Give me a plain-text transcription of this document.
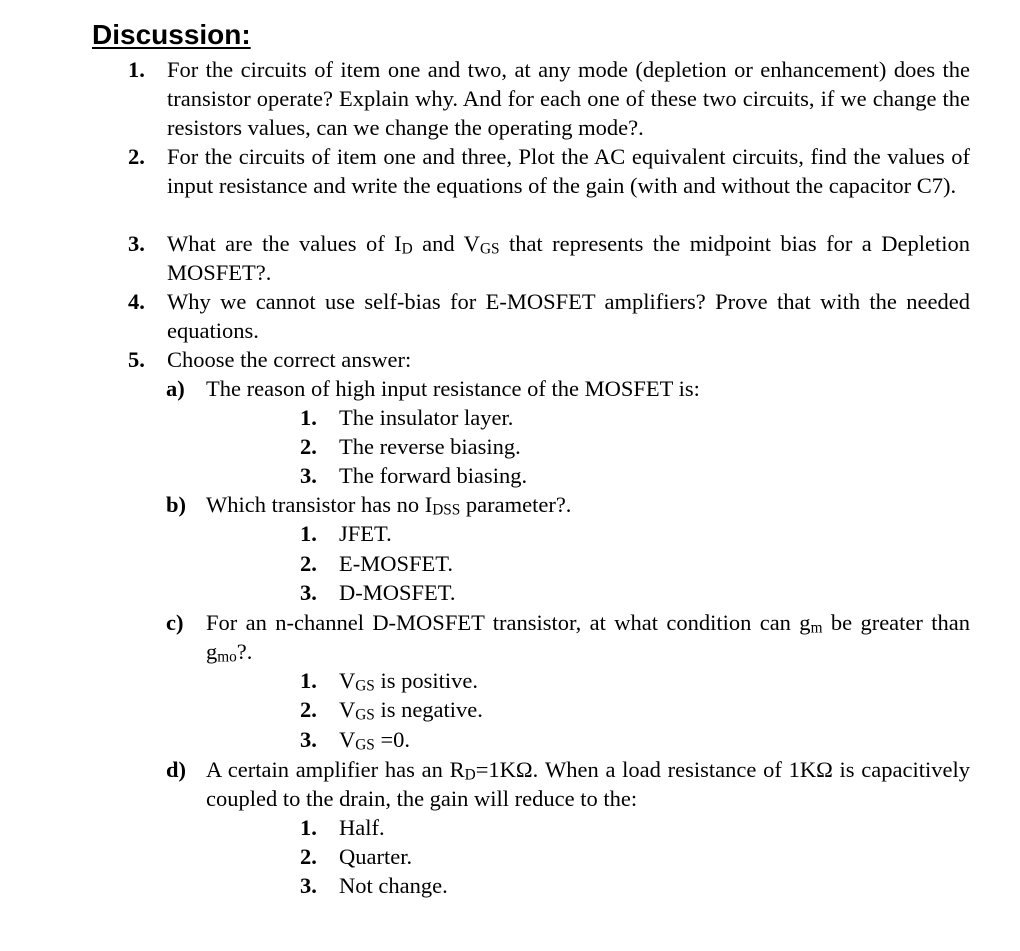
Discussion:
1. For the circuits of item one and two, at any mode (depletion or enhancement) does the transistor operate? Explain why. And for each one of these two circuits, if we change the resistors values, can we change the operating mode?.
2. For the circuits of item one and three, Plot the AC equivalent circuits, find the values of input resistance and write the equations of the gain (with and without the capacitor C7).
3. What are the values of $I_D$ and $V_{GS}$ that represents the midpoint bias for a Depletion MOSFET?.
4. Why we cannot use self-bias for E-MOSFET amplifiers? Prove that with the needed equations.
5. Choose the correct answer:
a) The reason of high input resistance of the MOSFET is:
1. The insulator layer.
2. The reverse biasing.
3. The forward biasing.
b) Which transistor has no $I_{DSS}$ parameter?.
1. JFET.
2. E-MOSFET.
3. D-MOSFET.
c) For an n-channel D-MOSFET transistor, at what condition can $g_m$ be greater than $g_{mo}$?.
1. $V_{GS}$ is positive.
2. $V_{GS}$ is negative.
3. $V_{GS} =0$.
d) A certain amplifier has an $R_D=1K\Omega$. When a load resistance of 1KΩ is capacitively coupled to the drain, the gain will reduce to the:
1. Half.
2. Quarter.
3. Not change.
